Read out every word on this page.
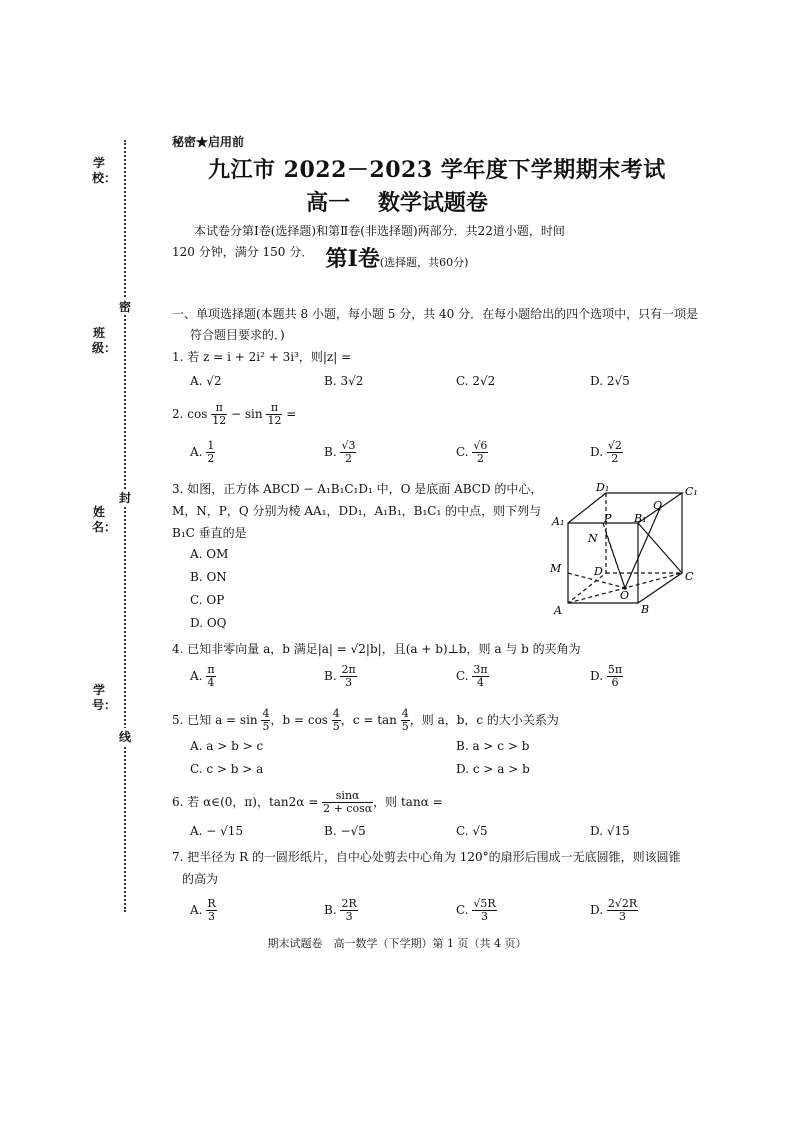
学校：
班级：
姓名：
学号：
密
封
线
秘密★启用前
九江市 2022－2023 学年度下学期期末考试
高一 数学试题卷
本试卷分第Ⅰ卷(选择题)和第Ⅱ卷(非选择题)两部分．共22道小题，时间
120 分钟，满分 150 分． 第Ⅰ卷(选择题，共60分)
一、单项选择题(本题共 8 小题，每小题 5 分，共 40 分．在每小题给出的四个选项中，只有一项是
符合题目要求的．)
1. 若 z = i + 2i² + 3i³，则|z| =
A. √2	B. 3√2	C. 2√2	D. 2√5
2. $\cos \frac{\pi}{12} - \sin \frac{\pi}{12}$ =
A. $\frac{1}{2}$	B. $\frac{√3}{2}$	C. $\frac{√6}{2}$	D. $\frac{√2}{2}$
3. 如图，正方体 ABCD − A₁B₁C₁D₁ 中，O 是底面 ABCD 的中心，
M，N，P，Q 分别为棱 AA₁，DD₁，A₁B₁，B₁C₁ 的中点，则下列与
B₁C 垂直的是
A. OM
B. ON
C. OP
D. OQ
D₁	C₁
A₁	B₁
P
Q
N
M	D	C
O
A	B
4. 已知非零向量 a，b 满足|a| = √2|b|，且(a + b)⊥b，则 a 与 b 的夹角为
A. $\frac{\pi}{4}$	B. $\frac{2\pi}{3}$	C. $\frac{3\pi}{4}$	D. $\frac{5\pi}{6}$
5. 已知 $a = \sin \frac{4}{5}$ ，$b = \cos \frac{4}{5}$ ，$c = \tan \frac{4}{5}$ ，则 a，b，c 的大小关系为
A. a > b > c	B. a > c > b
C. c > b > a	D. c > a > b
6. 若 α∈(0，π)，$\tan 2\alpha = \frac{\sin\alpha}{2 + \cos\alpha}$ ，则 tanα =
A. − √15	B. −√5	C. √5	D. √15
7. 把半径为 R 的一圆形纸片，自中心处剪去中心角为 120°的扇形后围成一无底圆锥，则该圆锥
的高为
A. $\frac{R}{3}$	B. $\frac{2R}{3}$	C. $\frac{√5R}{3}$	D. $\frac{2√2R}{3}$
期末试题卷　高一数学（下学期）第 1 页（共 4 页）
